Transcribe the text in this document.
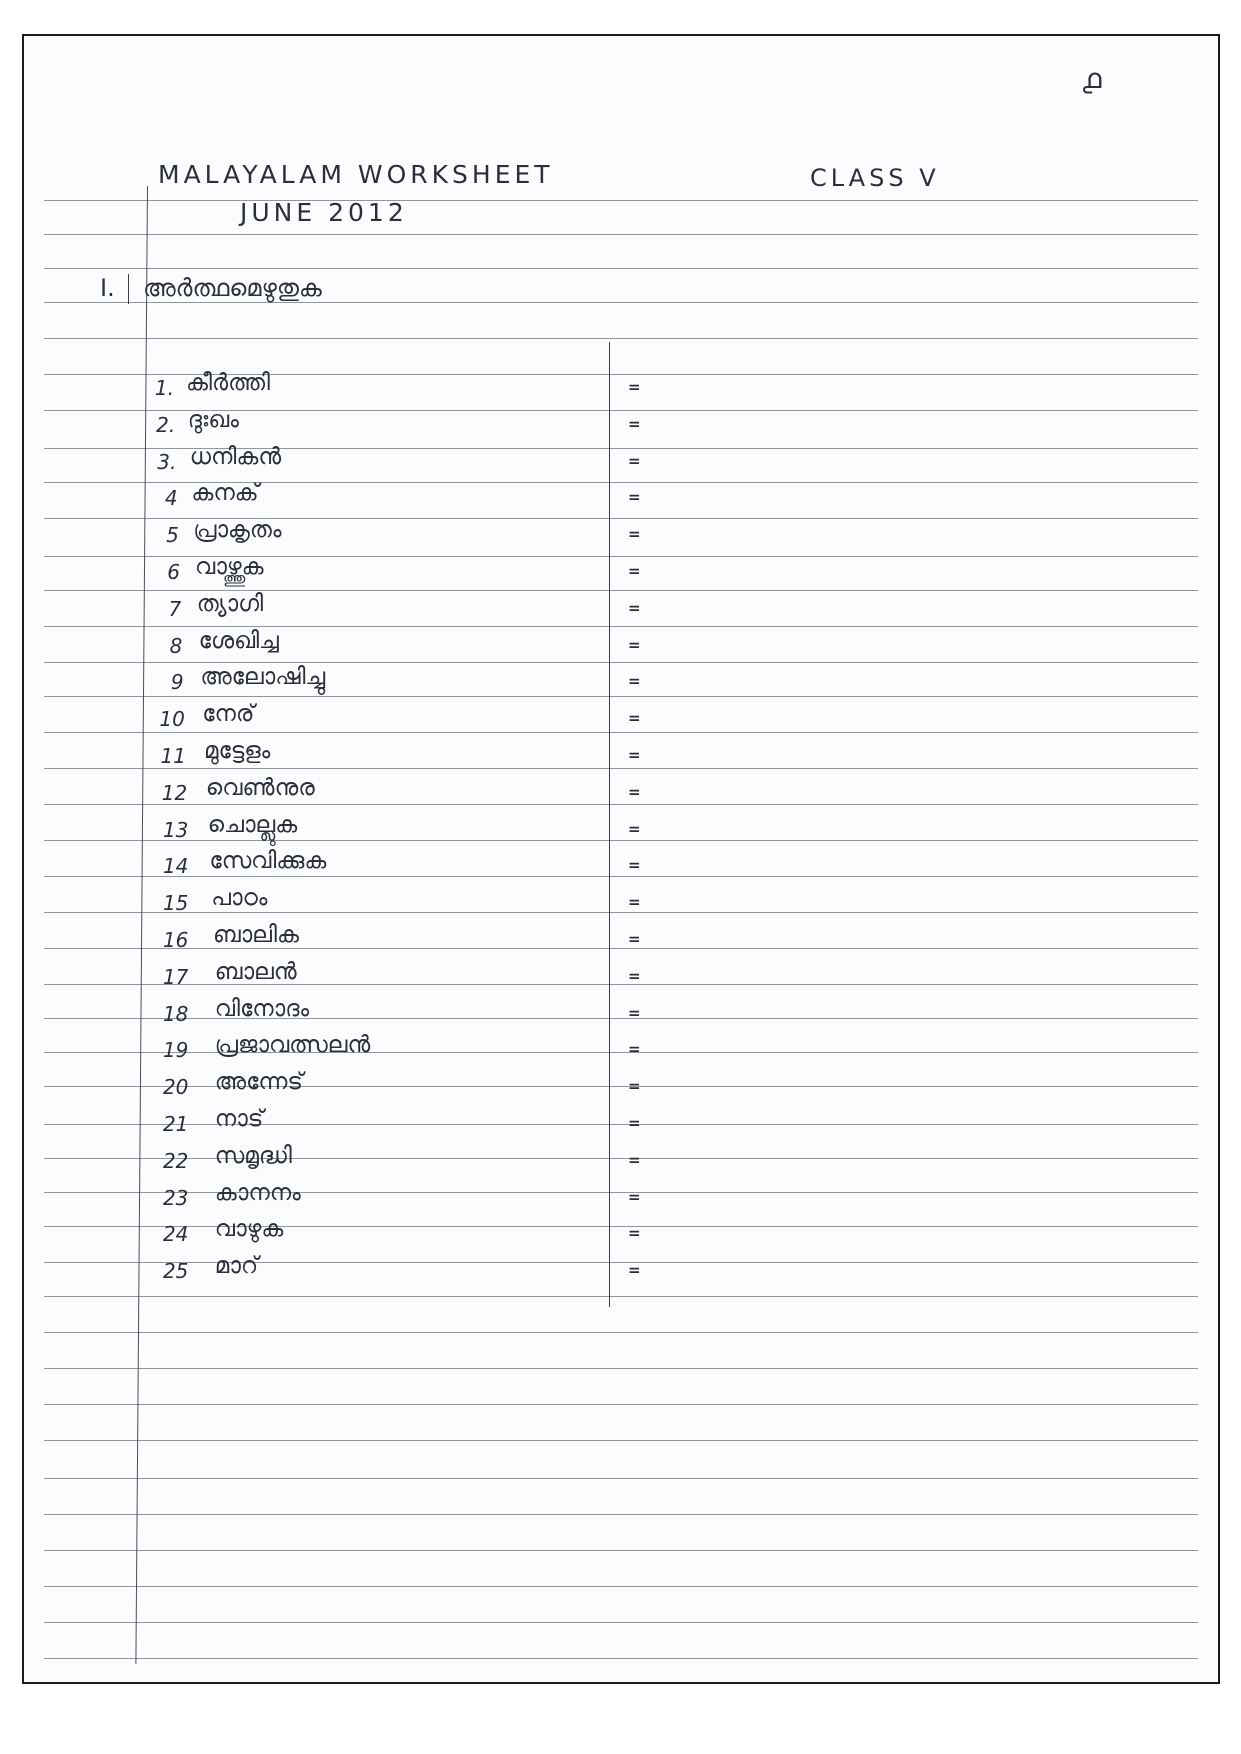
൧
MALAYALAM WORKSHEET
JUNE 2012
CLASS V
I. അർത്ഥമെഴുതുക
1. കീർത്തി	=
2. ദുഃഖം	=
3. ധനികൻ	=
4 കനക്	=
5 പ്രാകൃതം	=
6 വാഴ്ത്തുക	=
7 ത്യാഗി	=
8 ശേഖിച്ച	=
9 അലോഷിച്ചു	=
10 നേര്	=
11 മുട്ടേളം	=
12 വെൺനുര	=
13 ചൊല്ലുക	=
14 സേവിക്കുക	=
15 പാഠം	=
16 ബാലിക	=
17 ബാലൻ	=
18 വിനോദം	=
19 പ്രജാവത്സലൻ	=
20 അന്നേട്	=
21 നാട്	=
22 സമൃദ്ധി	=
23 കാനനം	=
24 വാഴുക	=
25 മാറ്	=
